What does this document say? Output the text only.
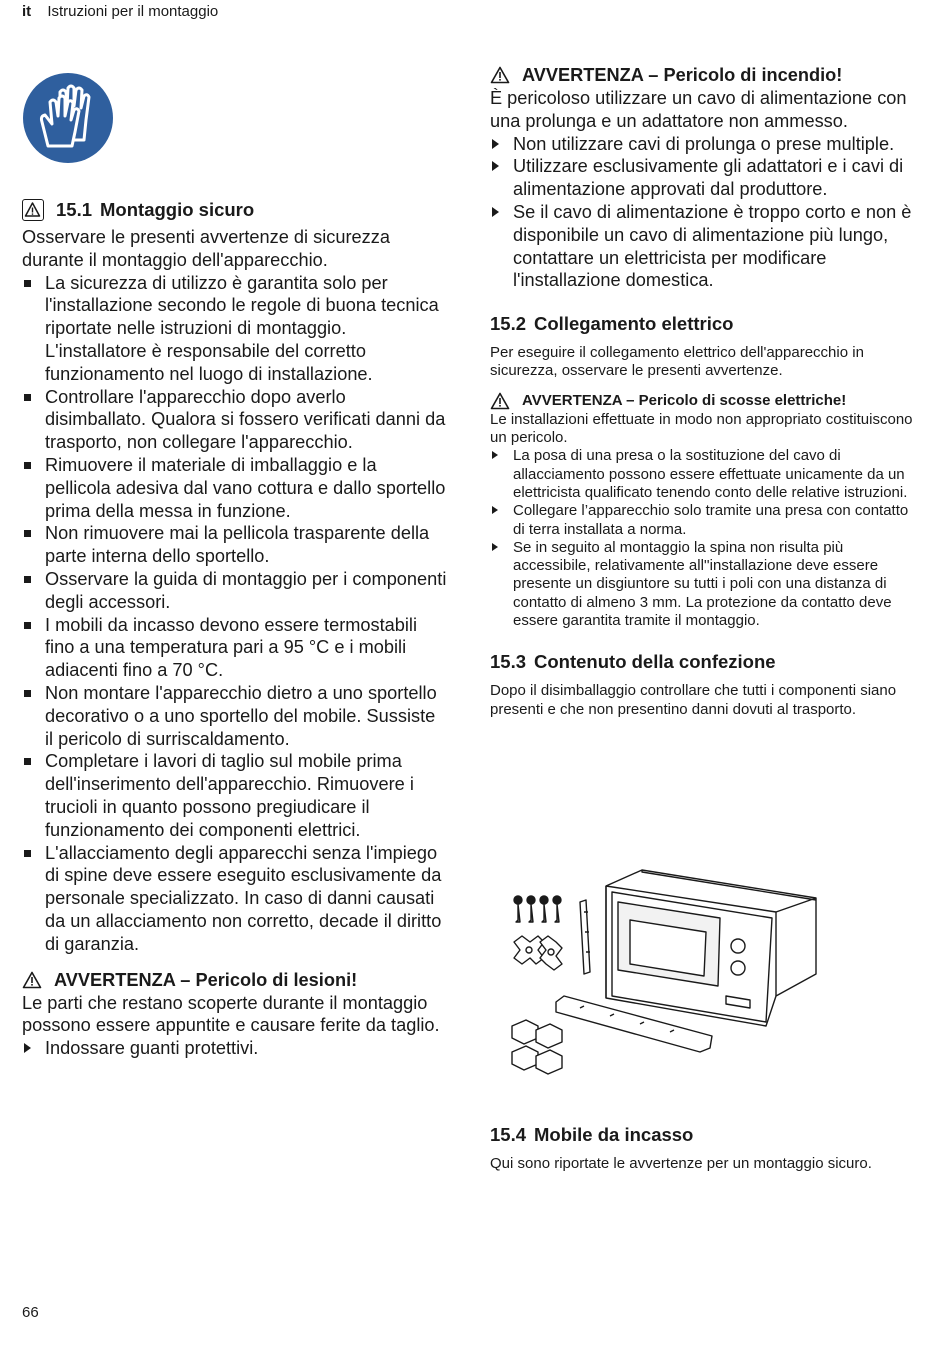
it Istruzioni per il montaggio
15.1 Montaggio sicuro

Osservare le presenti avvertenze di sicurezza durante il montaggio dell'apparecchio.

La sicurezza di utilizzo è garantita solo per l'installazione secondo le regole di buona tecnica riportate nelle istruzioni di montaggio. L'installatore è responsabile del corretto funzionamento nel luogo di installazione.
Controllare l'apparecchio dopo averlo disimballato. Qualora si fossero verificati danni da trasporto, non collegare l'apparecchio.
Rimuovere il materiale di imballaggio e la pellicola adesiva dal vano cottura e dallo sportello prima della messa in funzione.
Non rimuovere mai la pellicola trasparente della parte interna dello sportello.
Osservare la guida di montaggio per i componenti degli accessori.
I mobili da incasso devono essere termostabili fino a una temperatura pari a 95 °C e i mobili adiacenti fino a 70 °C.
Non montare l'apparecchio dietro a uno sportello decorativo o a uno sportello del mobile. Sussiste il pericolo di surriscaldamento.
Completare i lavori di taglio sul mobile prima dell'inserimento dell'apparecchio. Rimuovere i trucioli in quanto possono pregiudicare il funzionamento dei componenti elettrici.
L'allacciamento degli apparecchi senza l'impiego di spine deve essere eseguito esclusivamente da personale specializzato. In caso di danni causati da un allacciamento non corretto, decade il diritto di garanzia.
AVVERTENZA – Pericolo di lesioni!

Le parti che restano scoperte durante il montaggio possono essere appuntite e causare ferite da taglio.

Indossare guanti protettivi.
AVVERTENZA – Pericolo di incendio!

È pericoloso utilizzare un cavo di alimentazione con una prolunga e un adattatore non ammesso.

Non utilizzare cavi di prolunga o prese multiple.
Utilizzare esclusivamente gli adattatori e i cavi di alimentazione approvati dal produttore.
Se il cavo di alimentazione è troppo corto e non è disponibile un cavo di alimentazione più lungo, contattare un elettricista per modificare l'installazione domestica.
15.2 Collegamento elettrico

Per eseguire il collegamento elettrico dell'apparecchio in sicurezza, osservare le presenti avvertenze.

AVVERTENZA – Pericolo di scosse elettriche!

Le installazioni effettuate in modo non appropriato costituiscono un pericolo.

La posa di una presa o la sostituzione del cavo di allacciamento possono essere effettuate unicamente da un elettricista qualificato tenendo conto delle relative istruzioni.
Collegare l’apparecchio solo tramite una presa con contatto di terra installata a norma.
Se in seguito al montaggio la spina non risulta più accessibile, relativamente all''installazione deve essere presente un disgiuntore su tutti i poli con una distanza di contatto di almeno 3 mm. La protezione da contatto deve essere garantita tramite il montaggio.
15.3 Contenuto della confezione

Dopo il disimballaggio controllare che tutti i componenti siano presenti e che non presentino danni dovuti al trasporto.

15.4 Mobile da incasso

Qui sono riportate le avvertenze per un montaggio sicuro.

66
